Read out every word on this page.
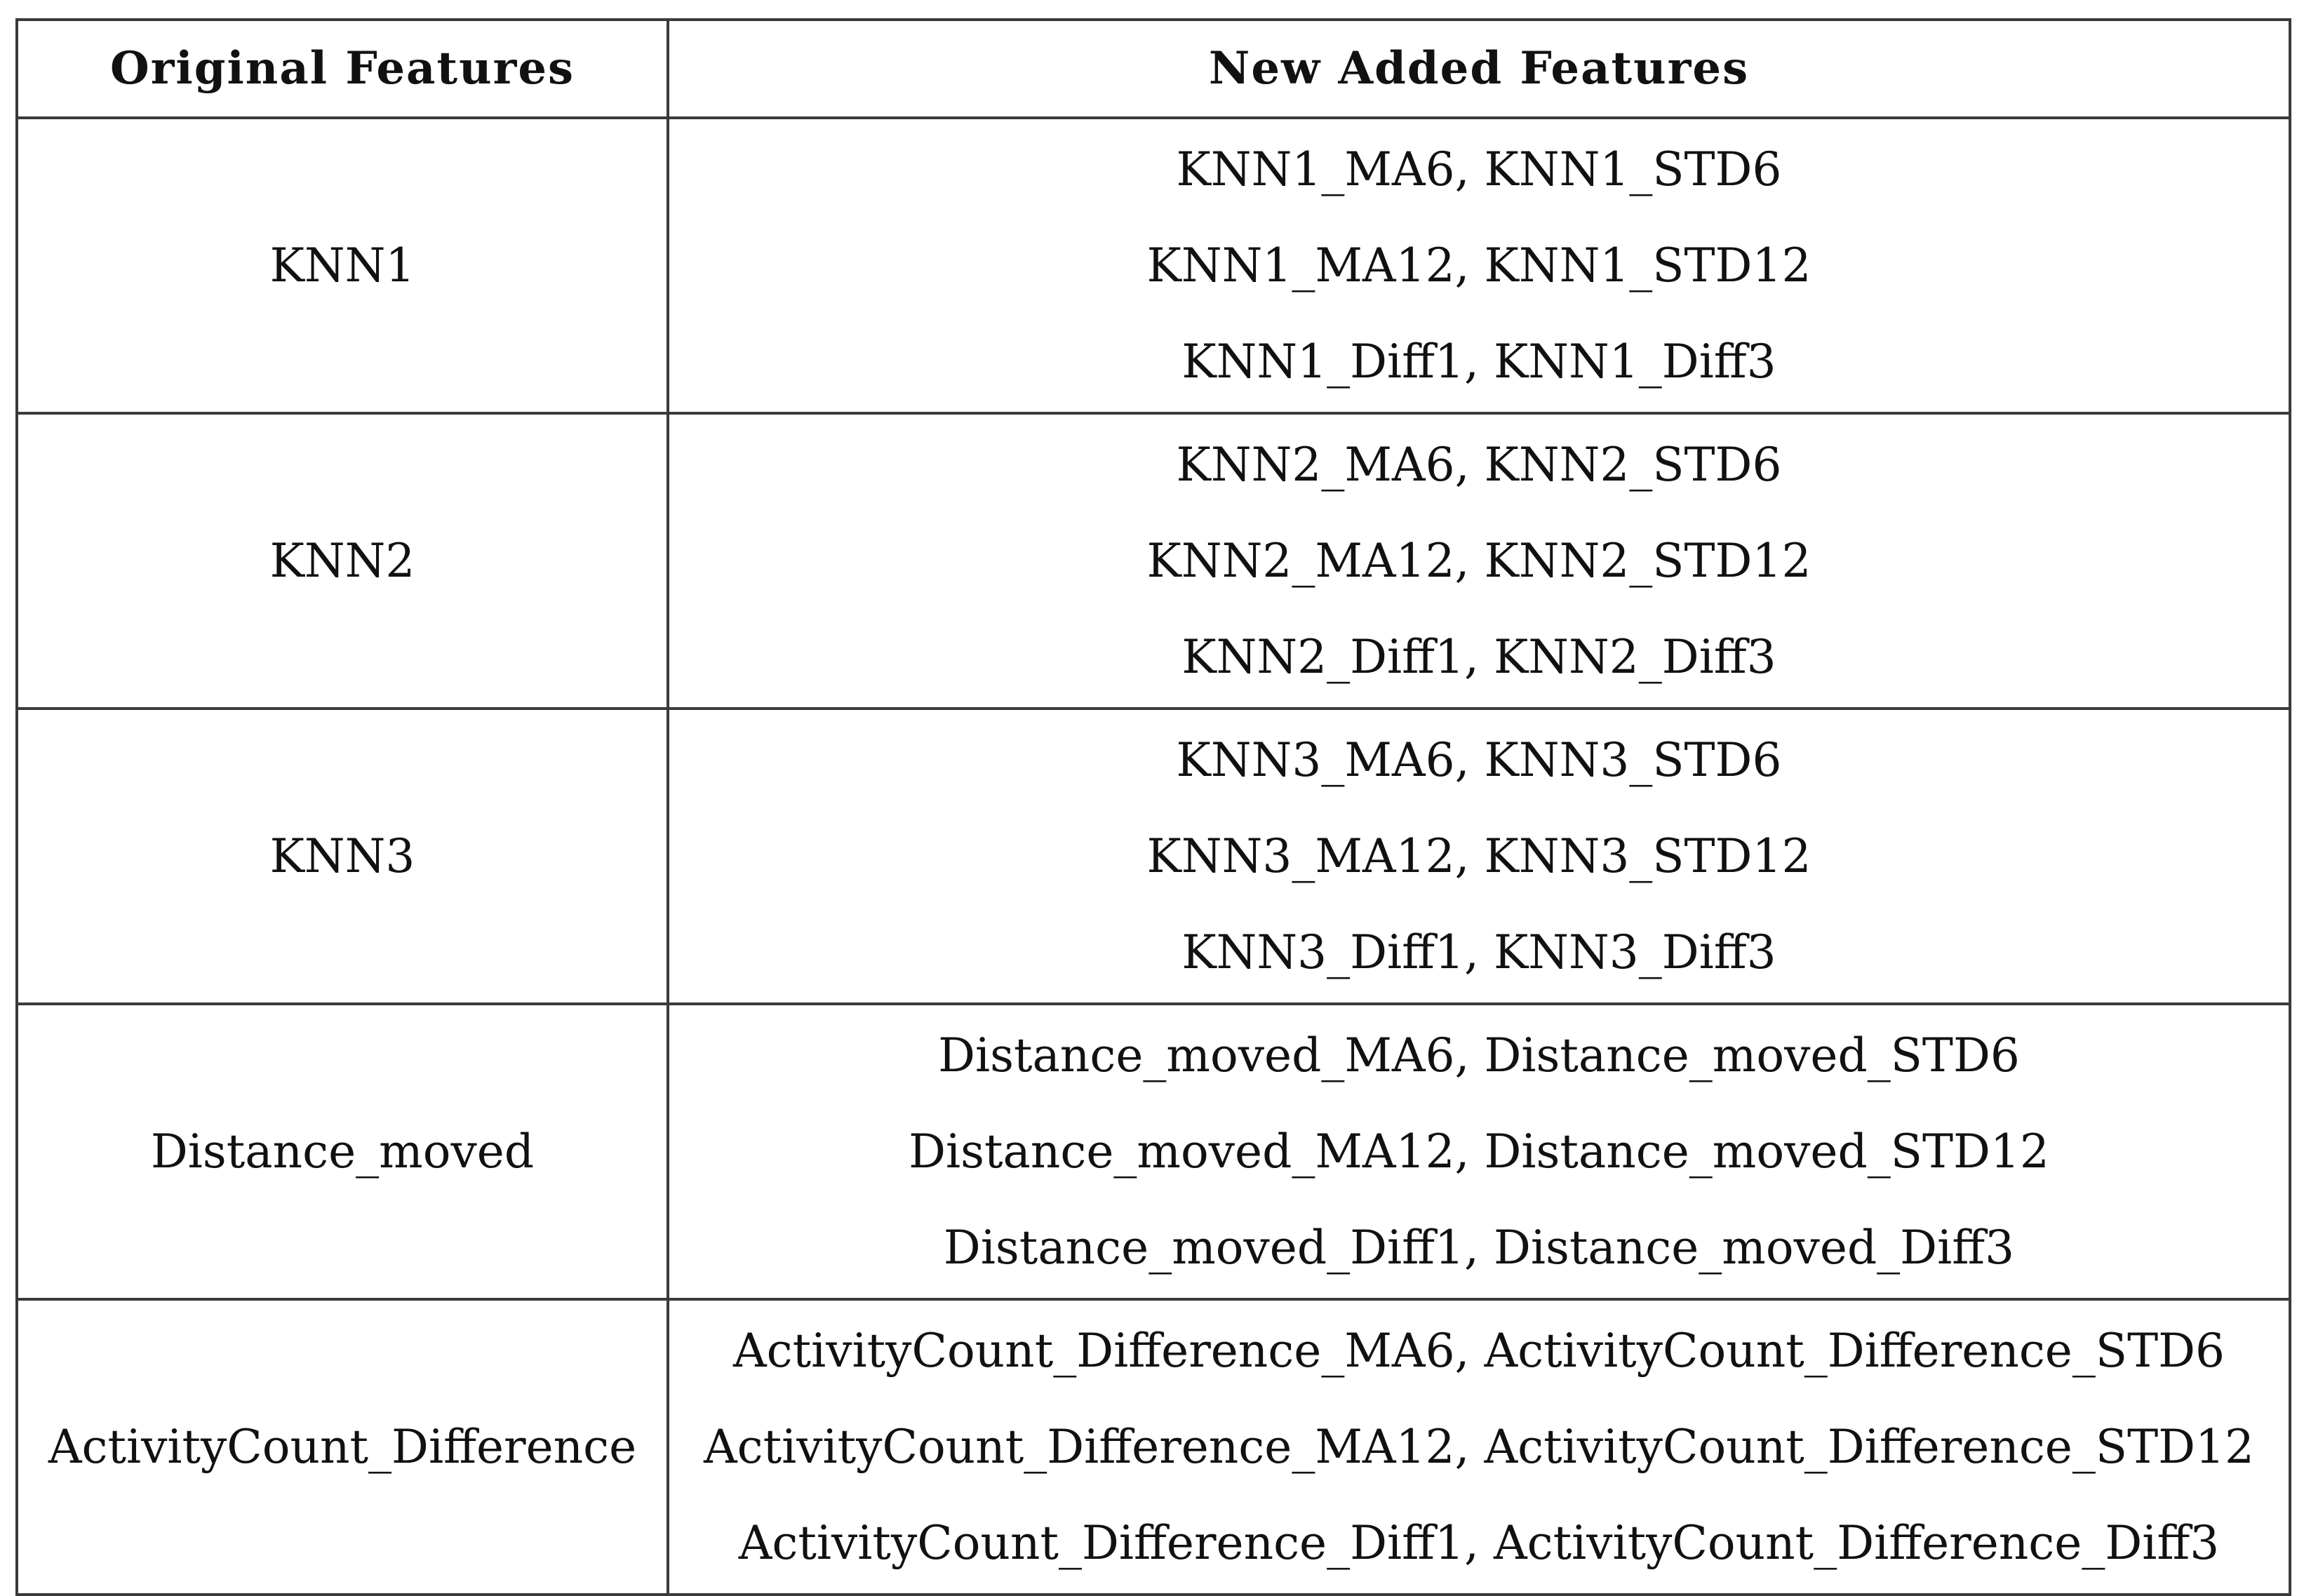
Original Features	New Added Features
KNN1	KNN1_MA6, KNN1_STD6
KNN1_MA12, KNN1_STD12
KNN1_Diff1, KNN1_Diff3

KNN2	KNN2_MA6, KNN2_STD6
KNN2_MA12, KNN2_STD12
KNN2_Diff1, KNN2_Diff3

KNN3	KNN3_MA6, KNN3_STD6
KNN3_MA12, KNN3_STD12
KNN3_Diff1, KNN3_Diff3

Distance_moved	Distance_moved_MA6, Distance_moved_STD6
Distance_moved_MA12, Distance_moved_STD12
Distance_moved_Diff1, Distance_moved_Diff3

ActivityCount_Difference	ActivityCount_Difference_MA6, ActivityCount_Difference_STD6
ActivityCount_Difference_MA12, ActivityCount_Difference_STD12
ActivityCount_Difference_Diff1, ActivityCount_Difference_Diff3
